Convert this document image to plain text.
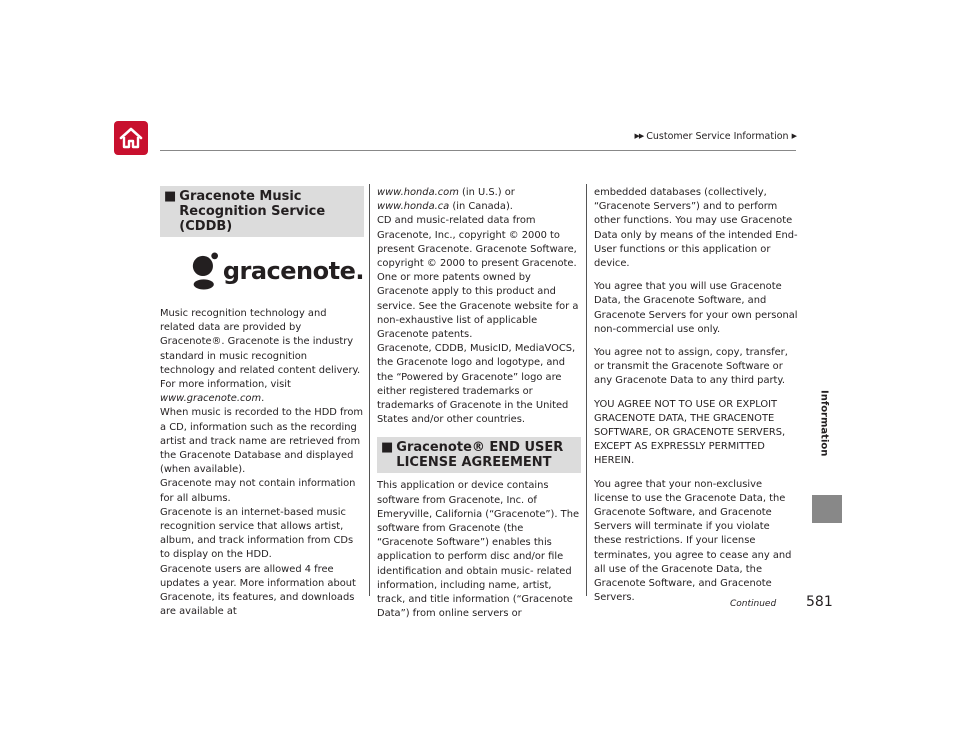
▶▶ Customer Service Information ▶
Information
■ Gracenote Music Recognition Service (CDDB)
gracenote.

Music recognition technology and related data are provided by Gracenote®. Gracenote is the industry standard in music recognition technology and related content delivery.

For more information, visit www.gracenote.com.

When music is recorded to the HDD from a CD, information such as the recording artist and track name are retrieved from the Gracenote Database and displayed (when available).

Gracenote may not contain information for all albums.

Gracenote is an internet-based music recognition service that allows artist, album, and track information from CDs to display on the HDD.

Gracenote users are allowed 4 free updates a year. More information about Gracenote, its features, and downloads are available at

www.honda.com (in U.S.) or
www.honda.ca (in Canada).

CD and music-related data from Gracenote, Inc., copyright © 2000 to present Gracenote. Gracenote Software, copyright © 2000 to present Gracenote.

One or more patents owned by Gracenote apply to this product and service. See the Gracenote website for a non-exhaustive list of applicable Gracenote patents.

Gracenote, CDDB, MusicID, MediaVOCS, the Gracenote logo and logotype, and the “Powered by Gracenote” logo are either registered trademarks or trademarks of Gracenote in the United States and/or other countries.

■ Gracenote® END USER LICENSE AGREEMENT

This application or device contains software from Gracenote, Inc. of Emeryville, California (“Gracenote”). The software from Gracenote (the “Gracenote Software”) enables this application to perform disc and/or file identification and obtain music- related information, including name, artist, track, and title information (“Gracenote Data”) from online servers or

embedded databases (collectively, “Gracenote Servers”) and to perform other functions. You may use Gracenote Data only by means of the intended End-User functions or this application or device.

You agree that you will use Gracenote Data, the Gracenote Software, and Gracenote Servers for your own personal non-commercial use only.

You agree not to assign, copy, transfer, or transmit the Gracenote Software or any Gracenote Data to any third party.

YOU AGREE NOT TO USE OR EXPLOIT GRACENOTE DATA, THE GRACENOTE SOFTWARE, OR GRACENOTE SERVERS, EXCEPT AS EXPRESSLY PERMITTED HEREIN.

You agree that your non-exclusive license to use the Gracenote Data, the Gracenote Software, and Gracenote Servers will terminate if you violate these restrictions. If your license terminates, you agree to cease any and all use of the Gracenote Data, the Gracenote Software, and Gracenote Servers.

Continued 581
